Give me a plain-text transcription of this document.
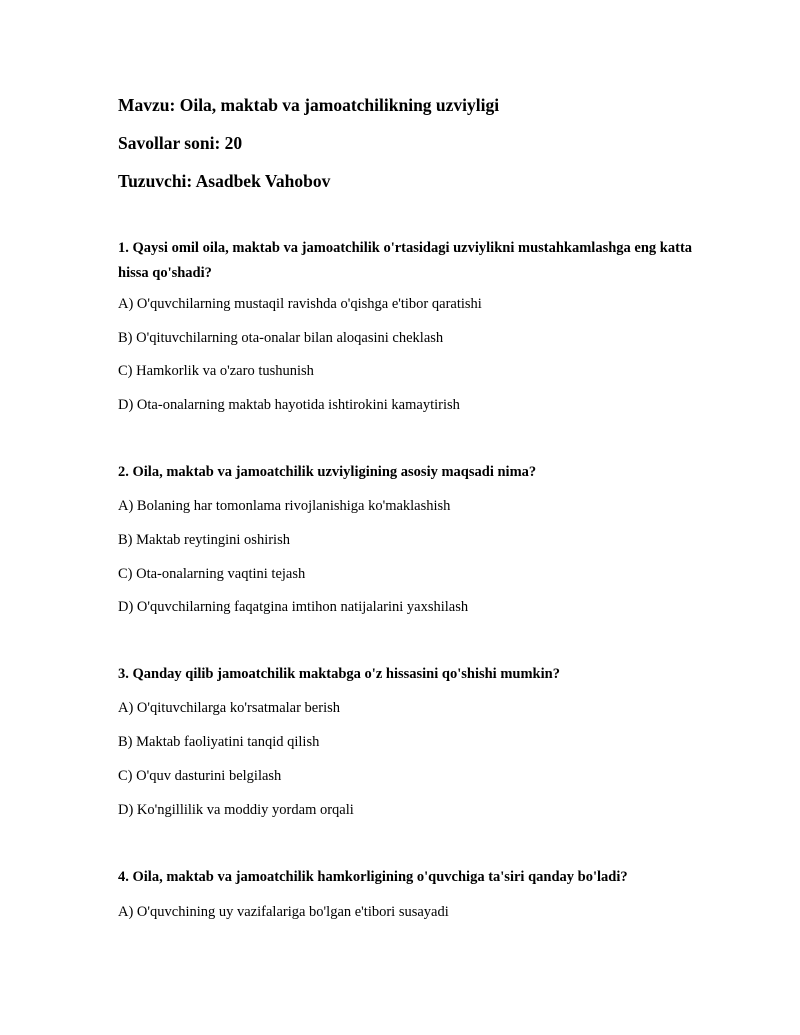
Mavzu: Oila, maktab va jamoatchilikning uzviyligi
Savollar soni: 20
Tuzuvchi: Asadbek Vahobov
1. Qaysi omil oila, maktab va jamoatchilik o'rtasidagi uzviylikni mustahkamlashga eng katta hissa qo'shadi?
A) O'quvchilarning mustaqil ravishda o'qishga e'tibor qaratishi
B) O'qituvchilarning ota-onalar bilan aloqasini cheklash
C) Hamkorlik va o'zaro tushunish
D) Ota-onalarning maktab hayotida ishtirokini kamaytirish
2. Oila, maktab va jamoatchilik uzviyligining asosiy maqsadi nima?
A) Bolaning har tomonlama rivojlanishiga ko'maklashish
B) Maktab reytingini oshirish
C) Ota-onalarning vaqtini tejash
D) O'quvchilarning faqatgina imtihon natijalarini yaxshilash
3. Qanday qilib jamoatchilik maktabga o'z hissasini qo'shishi mumkin?
A) O'qituvchilarga ko'rsatmalar berish
B) Maktab faoliyatini tanqid qilish
C) O'quv dasturini belgilash
D) Ko'ngillilik va moddiy yordam orqali
4. Oila, maktab va jamoatchilik hamkorligining o'quvchiga ta'siri qanday bo'ladi?
A) O'quvchining uy vazifalariga bo'lgan e'tibori susayadi
